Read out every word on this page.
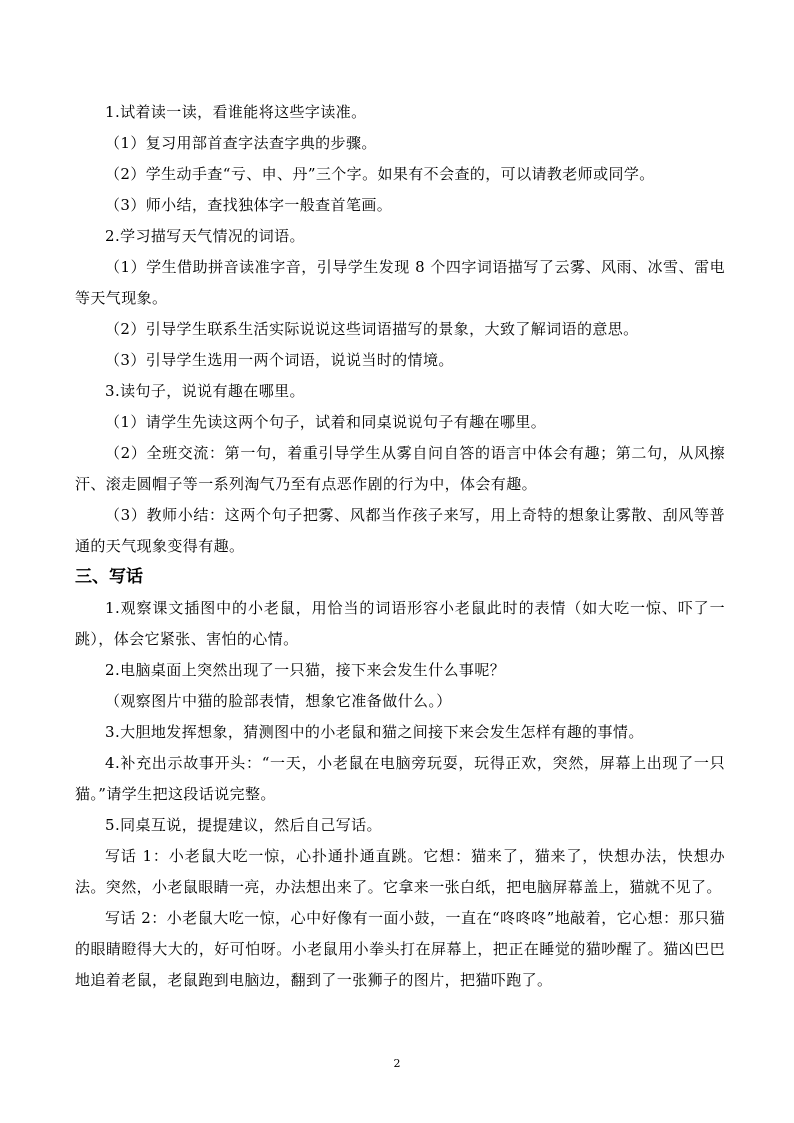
1.试着读一读，看谁能将这些字读准。

（1）复习用部首查字法查字典的步骤。

（2）学生动手查“亏、申、丹”三个字。如果有不会查的，可以请教老师或同学。

（3）师小结，查找独体字一般查首笔画。

2.学习描写天气情况的词语。

（1）学生借助拼音读准字音，引导学生发现 8 个四字词语描写了云雾、风雨、冰雪、雷电等天气现象。

（2）引导学生联系生活实际说说这些词语描写的景象，大致了解词语的意思。

（3）引导学生选用一两个词语，说说当时的情境。

3.读句子，说说有趣在哪里。

（1）请学生先读这两个句子，试着和同桌说说句子有趣在哪里。

（2）全班交流：第一句，着重引导学生从雾自问自答的语言中体会有趣；第二句，从风擦汗、滚走圆帽子等一系列淘气乃至有点恶作剧的行为中，体会有趣。

（3）教师小结：这两个句子把雾、风都当作孩子来写，用上奇特的想象让雾散、刮风等普通的天气现象变得有趣。

三、写话

1.观察课文插图中的小老鼠，用恰当的词语形容小老鼠此时的表情（如大吃一惊、吓了一跳），体会它紧张、害怕的心情。

2.电脑桌面上突然出现了一只猫，接下来会发生什么事呢？

（观察图片中猫的脸部表情，想象它准备做什么。）

3.大胆地发挥想象，猜测图中的小老鼠和猫之间接下来会发生怎样有趣的事情。

4.补充出示故事开头：“一天，小老鼠在电脑旁玩耍，玩得正欢，突然，屏幕上出现了一只猫。”请学生把这段话说完整。

5.同桌互说，提提建议，然后自己写话。

写话 1：小老鼠大吃一惊，心扑通扑通直跳。它想：猫来了，猫来了，快想办法，快想办法。突然，小老鼠眼睛一亮，办法想出来了。它拿来一张白纸，把电脑屏幕盖上，猫就不见了。

写话 2：小老鼠大吃一惊，心中好像有一面小鼓，一直在“咚咚咚”地敲着，它心想：那只猫的眼睛瞪得大大的，好可怕呀。小老鼠用小拳头打在屏幕上，把正在睡觉的猫吵醒了。猫凶巴巴地追着老鼠，老鼠跑到电脑边，翻到了一张狮子的图片，把猫吓跑了。

2
